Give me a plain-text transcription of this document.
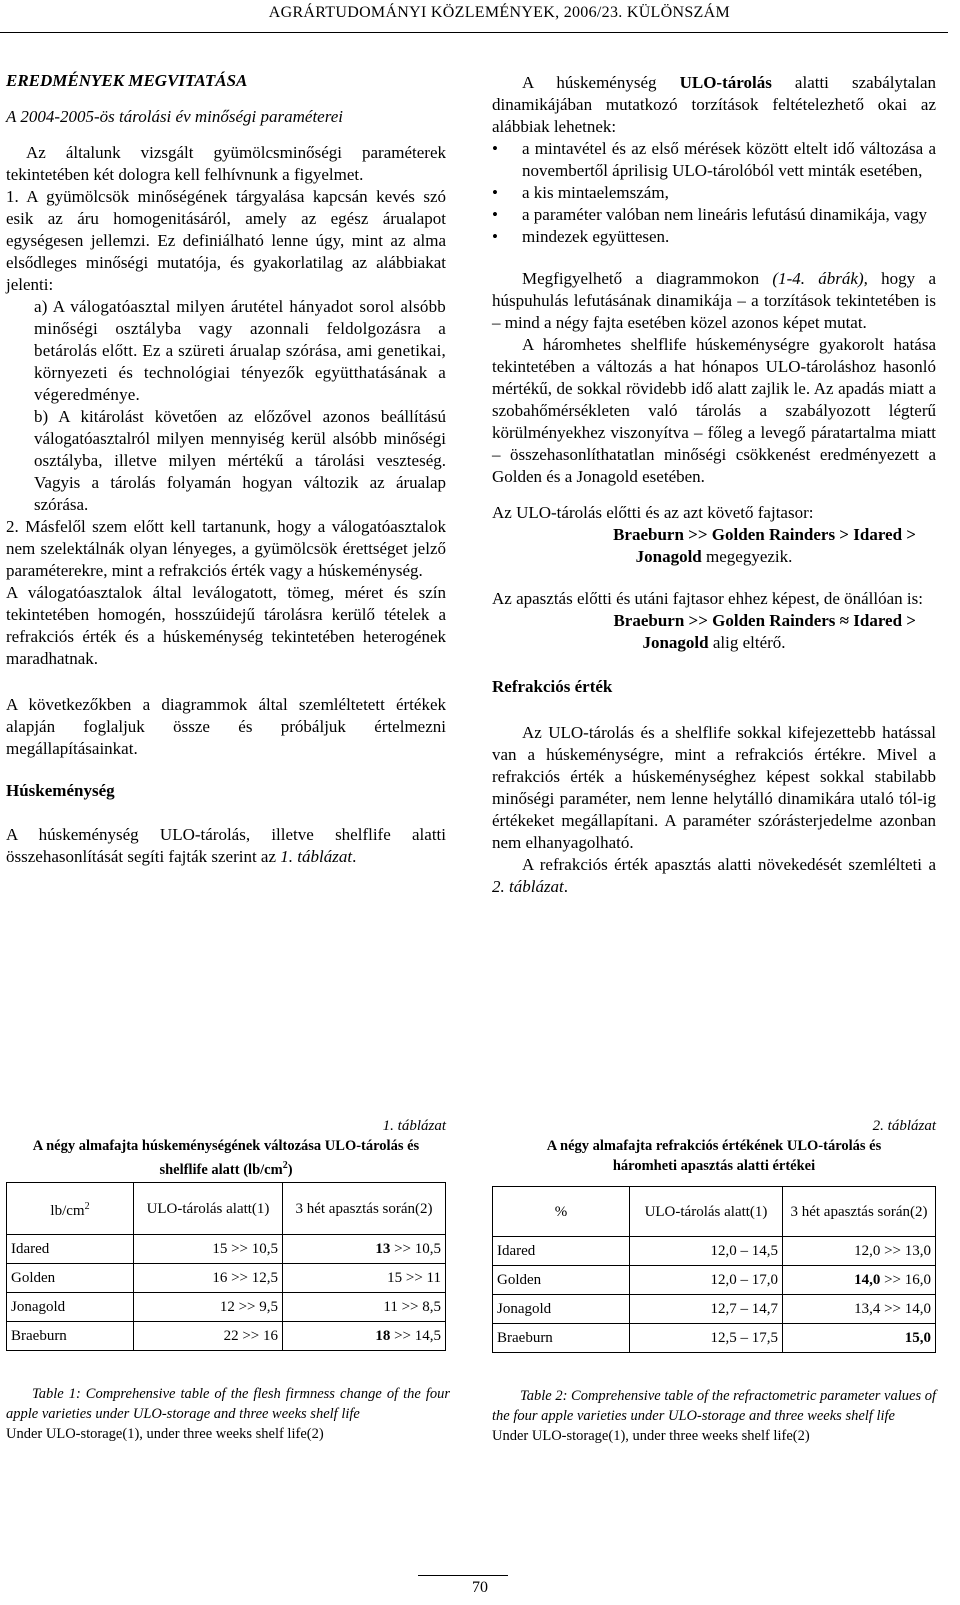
AGRÁRTUDOMÁNYI KÖZLEMÉNYEK, 2006/23. KÜLÖNSZÁM

EREDMÉNYEK MEGVITATÁSA

A 2004-2005-ös tárolási év minőségi paraméterei

Az általunk vizsgált gyümölcsminőségi paraméterek tekintetében két dologra kell felhívnunk a figyelmet.

1. A gyümölcsök minőségének tárgyalása kapcsán kevés szó esik az áru homogenitásáról, amely az egész árualapot egységesen jellemzi. Ez definiálható lenne úgy, mint az alma elsődleges minőségi mutatója, és gyakorlatilag az alábbiakat jelenti:

a) A válogatóasztal milyen árutétel hányadot sorol alsóbb minőségi osztályba vagy azonnali feldolgozásra a betárolás előtt. Ez a szüreti árualap szórása, ami genetikai, környezeti és technológiai tényezők együtthatásának a végeredménye.

b) A kitárolást követően az előzővel azonos beállítású válogatóasztalról milyen mennyiség kerül alsóbb minőségi osztályba, illetve milyen mértékű a tárolási veszteség. Vagyis a tárolás folyamán hogyan változik az árualap szórása.

2. Másfelől szem előtt kell tartanunk, hogy a válogatóasztalok nem szelektálnák olyan lényeges, a gyümölcsök érettséget jelző paraméterekre, mint a refrakciós érték vagy a húskeménység.

A válogatóasztalok által leválogatott, tömeg, méret és szín tekintetében homogén, hosszúidejű tárolásra kerülő tételek a refrakciós érték és a húskeménység tekintetében heterogének maradhatnak.

A következőkben a diagrammok által szemléltetett értékek alapján foglaljuk össze és próbáljuk értelmezni megállapításainkat.

Húskeménység

A húskeménység ULO-tárolás, illetve shelflife alatti összehasonlítását segíti fajták szerint az 1. táblázat.

A húskeménység ULO-tárolás alatti szabálytalan dinamikájában mutatkozó torzítások feltételezhető okai az alábbiak lehetnek:

• a mintavétel és az első mérések között eltelt idő változása a novembertől áprilisig ULO-tárolóból vett minták esetében,

• a kis mintaelemszám,

• a paraméter valóban nem lineáris lefutású dinamikája, vagy

• mindezek együttesen.

Megfigyelhető a diagrammokon (1-4. ábrák), hogy a húspuhulás lefutásának dinamikája – a torzítások tekintetében is – mind a négy fajta esetében közel azonos képet mutat.

A háromhetes shelflife húskeménységre gyakorolt hatása tekintetében a változás a hat hónapos ULO-tároláshoz hasonló mértékű, de sokkal rövidebb idő alatt zajlik le. Az apadás miatt a szobahőmérsékleten való tárolás a szabályozott légterű körülményekhez viszonyítva – főleg a levegő páratartalma miatt – összehasonlíthatatlan minőségi csökkenést eredményezett a Golden és a Jonagold esetében.

Az ULO-tárolás előtti és az azt követő fajtasor:

Braeburn >> Golden Rainders > Idared >

Jonagold megegyezik.

Az apasztás előtti és utáni fajtasor ehhez képest, de önállóan is:

Braeburn >> Golden Rainders ≈ Idared >

Jonagold alig eltérő.

Refrakciós érték

Az ULO-tárolás és a shelflife sokkal kifejezettebb hatással van a húskeménységre, mint a refrakciós értékre. Mivel a refrakciós érték a húskeménységhez képest sokkal stabilabb minőségi paraméter, nem lenne helytálló dinamikára utaló tól-ig értékeket megállapítani. A paraméter szórásterjedelme azonban nem elhanyagolható.

A refrakciós érték apasztás alatti növekedését szemlélteti a 2. táblázat.

1. táblázat
A négy almafajta húskeménységének változása ULO-tárolás és
shelflife alatt $(lb/cm^2)$
$lb/cm^2$	ULO-tárolás alatt(1)	3 hét apasztás során(2)
Idared	15 >> 10,5	13 >> 10,5
Golden	16 >> 12,5	15 >> 11
Jonagold	12 >> 9,5	11 >> 8,5
Braeburn	22 >> 16	18 >> 14,5
Table 1: Comprehensive table of the flesh firmness change of the four apple varieties under ULO-storage and three weeks shelf life
Under ULO-storage(1), under three weeks shelf life(2)
2. táblázat
A négy almafajta refrakciós értékének ULO-tárolás és
háromheti apasztás alatti értékei
%	ULO-tárolás alatt(1)	3 hét apasztás során(2)
Idared	12,0 – 14,5	12,0 >> 13,0
Golden	12,0 – 17,0	14,0 >> 16,0
Jonagold	12,7 – 14,7	13,4 >> 14,0
Braeburn	12,5 – 17,5	15,0
Table 2: Comprehensive table of the refractometric parameter values of the four apple varieties under ULO-storage and three weeks shelf life
Under ULO-storage(1), under three weeks shelf life(2)
70
